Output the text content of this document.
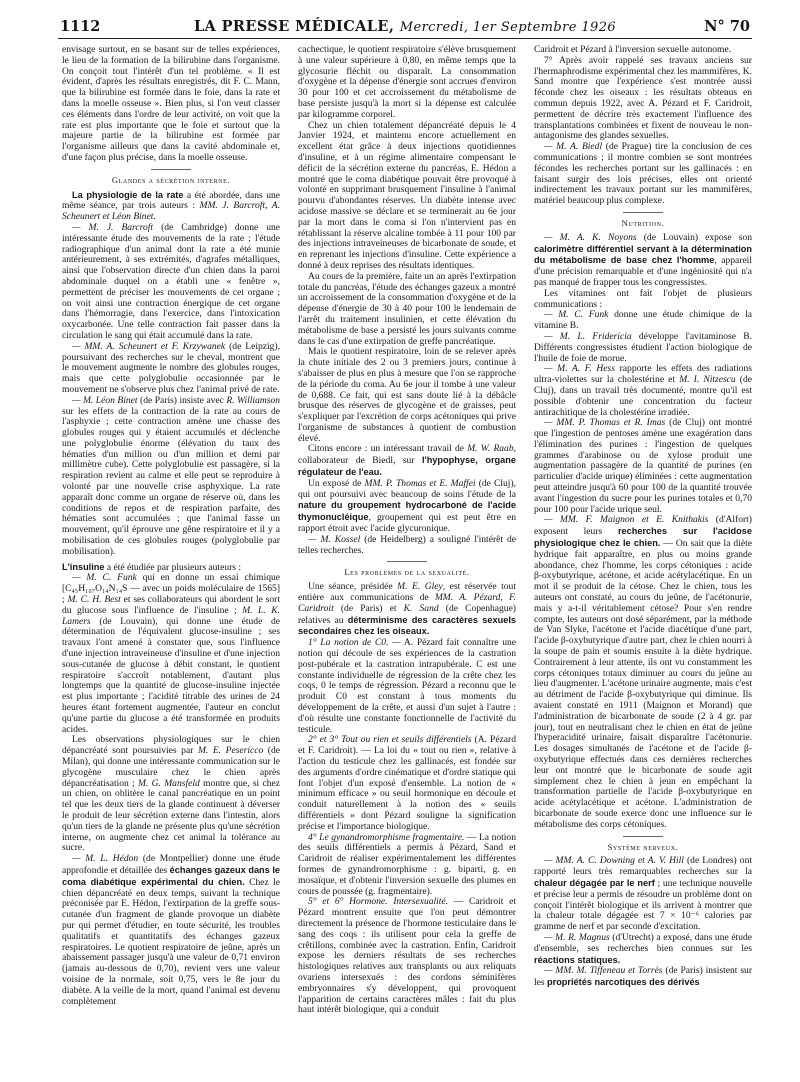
1112	LA PRESSE MÉDICALE, Mercredi, 1er Septembre 1926	N° 70

envisage surtout, en se basant sur de telles expériences, le lieu de la formation de la bilirubine dans l'organisme. On conçoit tout l'intérêt d'un tel problème. « Il est évident, d'après les résultats enregistrés, dit F. C. Mann, que la bilirubine est formée dans le foie, dans la rate et dans la moelle osseuse ». Bien plus, si l'on veut classer ces éléments dans l'ordre de leur activité, on voit que la rate est plus importante que le foie et surtout que la majeure partie de la bilirubine est formée par l'organisme ailleurs que dans la cavité abdominale et, d'une façon plus précise, dans la moelle osseuse.

Glandes a sécrétion interne.

La physiologie de la rate a été abordée, dans une même séance, par trois auteurs : MM. J. Barcroft, A. Scheunert et Léon Binet.

— M. J. Barcroft (de Cambridge) donne une intéressante étude des mouvements de la rate ; l'étude radiographique d'un animal dont la rate a été munie antérieurement, à ses extrémités, d'agrafes métalliques, ainsi que l'observation directe d'un chien dans la paroi abdominale duquel on a établi une « fenêtre », permettent de préciser les mouvements de cet organe ; on voit ainsi une contraction énergique de cet organe dans l'hémorragie, dans l'exercice, dans l'intoxication oxycarbonée. Une telle contraction fait passer dans la circulation le sang qui était accumulé dans la rate.

— MM. A. Scheunert et F. Krzywanek (de Leipzig), poursuivant des recherches sur le cheval, montrent que le mouvement augmente le nombre des globules rouges, mais que cette polyglobulie occasionnée par le mouvement ne s'observe plus chez l'animal privé de rate.

— M. Léon Binet (de Paris) insiste avec R. Williamson sur les effets de la contraction de la rate au cours de l'asphyxie ; cette contraction amène une chasse des globules rouges qui y étaient accumulés et déclenche une polyglobulie énorme (élévation du taux des hématies d'un million ou d'un million et demi par millimètre cube). Cette polyglobulie est passagère, si la respiration revient au calme et elle peut se reproduire à volonté par une nouvelle crise asphyxique. La rate apparaît donc comme un organe de réserve où, dans les conditions de repos et de respiration parfaite, des hématies sont accumulées ; que l'animal fasse un mouvement, qu'il éprouve une gêne respiratoire et il y a mobilisation de ces globules rouges (polyglobulie par mobilisation).

L'insuline a été étudiée par plusieurs auteurs :

— M. C. Funk qui en donne un essai chimique [C₄₅H₁₀₇O₁₄N₁₄S — avec un poids moléculaire de 1565] ; M. C. H. Best et ses collaborateurs qui abordent le sort du glucose sous l'influence de l'insuline ; M. L. K. Lamers (de Louvain), qui donne une étude de détermination de l'équivalent glucose-insuline ; ses travaux l'ont amené à constater que, sous l'influence d'une injection intraveineuse d'insuline et d'une injection sous-cutanée de glucose à débit constant, le quotient respiratoire s'accroît notablement, d'autant plus longtemps que la quantité de glucose-insuline injectée est plus importante ; l'acidité titrable des urines de 24 heures étant fortement augmentée, l'auteur en conclut qu'une partie du glucose a été transformée en produits acides.

Les observations physiologiques sur le chien dépancréaté sont poursuivies par M. E. Pesericco (de Milan), qui donne une intéressante communication sur le glycogène musculaire chez le chien après dépancréatisation ; M. G. Mansfeld montre que, si chez un chien, on oblitère le canal pancréatique en un point tel que les deux tiers de la glande continuent à déverser le produit de leur sécrétion externe dans l'intestin, alors qu'un tiers de la glande ne présente plus qu'une sécrétion interne, on augmente chez cet animal la tolérance au sucre.

— M. L. Hédon (de Montpellier) donne une étude approfondie et détaillée des échanges gazeux dans le coma diabétique expérimental du chien. Chez le chien dépancréaté en deux temps, suivant la technique préconisée par E. Hédon, l'extirpation de la greffe sous-cutanée d'un fragment de glande provoque un diabète pur qui permet d'étudier, en toute sécurité, les troubles qualitatifs et quantitatifs des échanges gazeux respiratoires. Le quotient respiratoire de jeûne, après un abaissement passager jusqu'à une valeur de 0,71 environ (jamais au-dessous de 0,70), revient vers une valeur voisine de la normale, soit 0,75, vers le 8e jour du diabète. A la veille de la mort, quand l'animal est devenu complètement

cachectique, le quotient respiratoire s'élève brusquement à une valeur supérieure à 0,80, en même temps que la glycosurie fléchit ou disparaît. La consommation d'oxygène et la dépense d'énergie sont accrues d'environ 30 pour 100 et cet accroissement du métabolisme de base persiste jusqu'à la mort si la dépense est calculée par kilogramme corporel.

Chez un chien totalement dépancréaté depuis le 4 Janvier 1924, et maintenu encore actuellement en excellent état grâce à deux injections quotidiennes d'insuline, et à un régime alimentaire compensant le déficit de la sécrétion externe du pancréas, E. Hédon a montré que le coma diabétique pouvait être provoqué à volonté en supprimant brusquement l'insuline à l'animal pourvu d'abondantes réserves. Un diabète intense avec acidose massive se déclare et se terminerait au 6e jour par la mort dans le coma si l'on n'intervient pas en rétablissant la réserve alcaline tombée à 11 pour 100 par des injections intraveineuses de bicarbonate de soude, et en reprenant les injections d'insuline. Cette expérience a donné à deux reprises des résultats identiques.

Au cours de la première, faite un an après l'extirpation totale du pancréas, l'étude des échanges gazeux a montré un accroissement de la consommation d'oxygène et de la dépense d'énergie de 30 à 40 pour 100 le lendemain de l'arrêt du traitement insulinien, et cette élévation du métabolisme de base a persisté les jours suivants comme dans le cas d'une extirpation de greffe pancréatique.

Mais le quotient respiratoire, loin de se relever après la chute initiale des 2 ou 3 premiers jours, continue à s'abaisser de plus en plus à mesure que l'on se rapproche de la période du coma. Au 6e jour il tombe à une valeur de 0,688. Ce fait, qui est sans doute lié à la débâcle brusque des réserves de glycogène et de graisses, peut s'expliquer par l'excrétion de corps acétoniques qui prive l'organisme de substances à quotient de combustion élevé.

Citons encore : un intéressant travail de M. W. Raab, collaborateur de Biedl, sur l'hypophyse, organe régulateur de l'eau.

Un exposé de MM. P. Thomas et E. Maffei (de Cluj), qui ont poursuivi avec beaucoup de soins l'étude de la nature du groupement hydrocarboné de l'acide thymonucléique, groupement qui est peut être en rapport étroit avec l'acide glycuronique.

— M. Kossel (de Heidelberg) a souligné l'intérêt de telles recherches.

Les problèmes de la sexualité.

Une séance, présidée M. E. Gley, est réservée tout entière aux communications de MM. A. Pézard, F. Caridroit (de Paris) et K. Sand (de Copenhague) relatives au déterminisme des caractères sexuels secondaires chez les oiseaux.

1° La notion de C0. — A. Pézard fait connaître une notion qui découle de ses expériences de la castration post-pubérale et la castration intrapubérale. C est une constante individuelle de régression de la crête chez les coqs, 0 le temps de régression. Pézard a reconnu que le produit C0 est constant à tous moments du développement de la crête, et aussi d'un sujet à l'autre : d'où résulte une constante fonctionnelle de l'activité du testicule.

2° et 3° Tout ou rien et seuils différentiels (A. Pézard et F. Caridroit). — La loi du « tout ou rien », relative à l'action du testicule chez les gallinacés, est fondée sur des arguments d'ordre cinématique et d'ordre statique qui font l'objet d'un exposé d'ensemble. La notion de « minimum efficace » ou seuil hormonique en découle et conduit naturellement à la notion des « seuils différentiels » dont Pézard souligne la signification précise et l'importance biologique.

4° Le gynandromorphisme fragmentaire. — La notion des seuils différentiels a permis à Pézard, Sand et Caridroit de réaliser expérimentalement les différentes formes de gynandromorphisme : g. biparti, g. en mosaïque, et d'obtenir l'inversion sexuelle des plumes en cours de poussée (g. fragmentaire).

5° et 6° Hormone. Intersexualité. — Caridroit et Pézard montrent ensuite que l'on peut démontrer directement la présence de l'hormone testiculaire dans le sang des coqs : ils utilisent pour cela la greffe de crêtillons, combinée avec la castration. Enfin, Caridroit expose les derniers résultats de ses recherches histologiques relatives aux transplants ou aux reliquats ovariens intersexués : des cordons séminifères embryonnaires s'y développent, qui provoquent l'apparition de certains caractères mâles : fait du plus haut intérêt biologique, qui a conduit

Caridroit et Pézard à l'inversion sexuelle autonome.

7° Après avoir rappelé ses travaux anciens sur l'hermaphrodisme expérimental chez les mammifères, K. Sand montre que l'expérience s'est montrée aussi féconde chez les oiseaux : les résultats obtenus en commun depuis 1922, avec A. Pézard et F. Caridroit, permettent de décrire très exactement l'influence des transplantations combinées et fixent de nouveau le non-antagonisme des glandes sexuelles.

— M. A. Biedl (de Prague) tire la conclusion de ces communications ; il montre combien se sont montrées fécondes les recherches portant sur les gallinacés : en faisant surgir des lois précises, elles ont orienté indirectement les travaux portant sur les mammifères, matériel beaucoup plus complexe.

Nutrition.

— M. A. K. Noyons (de Louvain) expose son calorimètre différentiel servant à la détermination du métabolisme de base chez l'homme, appareil d'une précision remarquable et d'une ingéniosité qui n'a pas manqué de frapper tous les congressistes.

Les vitamines ont fait l'objet de plusieurs communications :

— M. C. Funk donne une étude chimique de la vitamine B.

— M. L. Fridericia développe l'avitaminose B. Différents congressistes étudient l'action biologique de l'huile de foie de morue.

— M. A. F. Hess rapporte les effets des radiations ultra-violettes sur la cholestérine et M. I. Nitzescu (de Cluj), dans un travail très documenté, montre qu'il est possible d'obtenir une concentration du facteur antirachitique de la cholestérine irradiée.

— MM. P. Thomas et R. Imas (de Cluj) ont montré que l'ingestion de pentoses amène une exagération dans l'élimination des purines : l'ingestion de quelques grammes d'arabinose ou de xylose produit une augmentation passagère de la quantité de purines (en particulier d'acide urique) éliminées : cette augmentation peut atteindre jusqu'à 60 pour 100 de la quantité trouvée avant l'ingestion du sucre pour les purines totales et 0,70 pour 100 pour l'acide urique seul.

— MM. F. Maignon et E. Knithakis (d'Alfort) exposent leurs recherches sur l'acidose physiologique chez le chien. — On sait que la diète hydrique fait apparaître, en plus ou moins grande abondance, chez l'homme, les corps cétoniques : acide β-oxybutyrique, acétone, et acide acétylacétique. En un mot il se produit de la cétose. Chez le chien, tous les auteurs ont constaté, au cours du jeûne, de l'acétonurie, mais y a-t-il véritablement cétose? Pour s'en rendre compte, les auteurs ont dosé séparément, par la méthode de Van Slyke, l'acétone et l'acide diacétique d'une part, l'acide β-oxybutyrique d'autre part, chez le chien nourri à la soupe de pain et soumis ensuite à la diète hydrique. Contrairement à leur attente, ils ont vu constamment les corps cétoniques totaux diminuer au cours du jeûne au lieu d'augmenter. L'acétone urinaire augmente, mais c'est au détriment de l'acide β-oxybutyrique qui diminue. Ils avaient constaté en 1911 (Maignon et Morand) que l'administration de bicarbonate de soude (2 à 4 gr. par jour), tout en neutralisant chez le chien en état de jeûne l'hyperacidité urinaire, faisait disparaître l'acétonurie. Les dosages simultanés de l'acétone et de l'acide β-oxybutyrique effectués dans ces dernières recherches leur ont montré que le bicarbonate de soude agit simplement chez le chien à jeun en empêchant la transformation partielle de l'acide β-oxybutyrique en acide acétylacétique et acétone. L'administration de bicarbonate de soude exerce donc une influence sur le métabolisme des corps cétoniques.

Système nerveux.

— MM. A. C. Downing et A. V. Hill (de Londres) ont rapporté leurs très remarquables recherches sur la chaleur dégagée par le nerf ; une technique nouvelle et précise leur a permis de résoudre un problème dont on conçoit l'intérêt biologique et ils arrivent à montrer que la chaleur totale dégagée est 7 × 10⁻⁶ calories par gramme de nerf et par seconde d'excitation.

— M. R. Magnus (d'Utrecht) a exposé, dans une étude d'ensemble, ses recherches bien connues sur les réactions statiques.

— MM. M. Tiffeneau et Torrès (de Paris) insistent sur les propriétés narcotiques des dérivés
